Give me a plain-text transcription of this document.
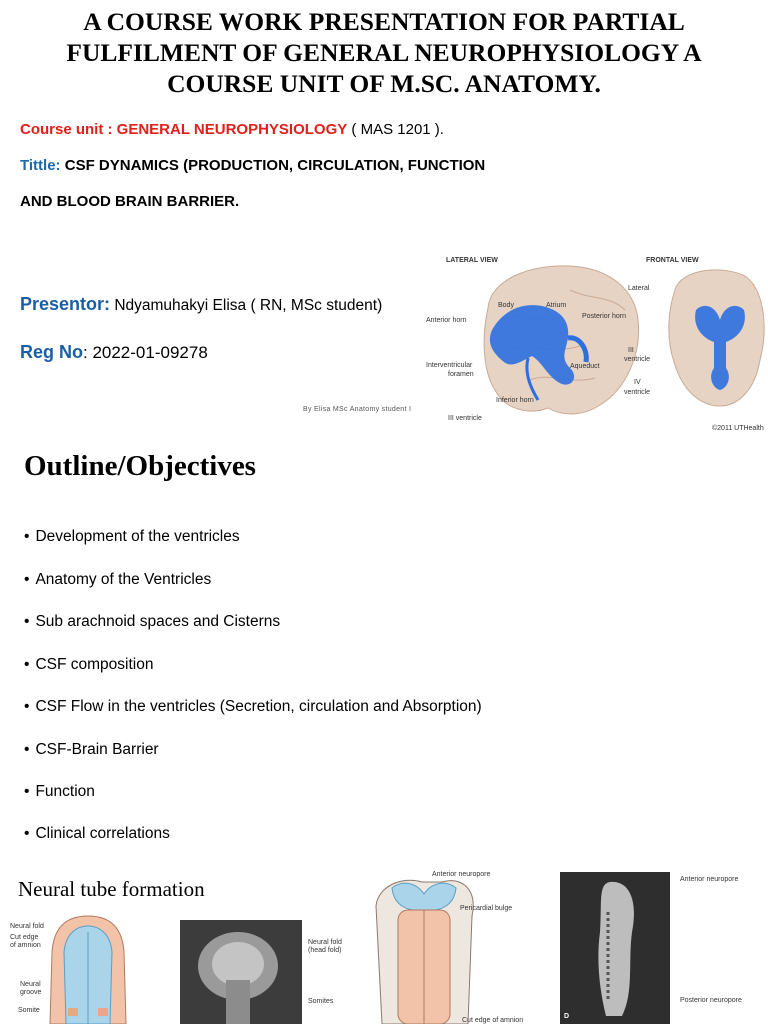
A COURSE WORK PRESENTATION FOR PARTIAL
FULFILMENT OF GENERAL NEUROPHYSIOLOGY A
COURSE UNIT OF M.SC. ANATOMY.
Course unit : GENERAL NEUROPHYSIOLOGY ( MAS 1201 ).
Tittle: CSF DYNAMICS (PRODUCTION, CIRCULATION, FUNCTION
AND BLOOD BRAIN BARRIER.
Presentor: Ndyamuhakyi Elisa ( RN, MSc student)
Reg No: 2022-01-09278
By Elisa MSc Anatomy student I
LATERAL VIEW	FRONTAL VIEW
Body	Atrium
Anterior horn
Posterior horn
Interventricular
foramen
Aqueduct
Inferior horn
III ventricle
Lateral
III
ventricle
IV
ventricle
©2011 UTHealth
Outline/Objectives
• Development of the ventricles
• Anatomy of the Ventricles
• Sub arachnoid spaces and Cisterns
• CSF composition
• CSF Flow in the ventricles (Secretion, circulation and Absorption)
• CSF-Brain Barrier
• Function
• Clinical correlations
Neural tube formation
Neural fold
Cut edge
of amnion
Neural
groove
Somite
Neural fold
(head fold)
Somites
Anterior neuropore
Pericardial bulge
Cut edge of amnion
D
Anterior neuropore
Posterior neuropore
